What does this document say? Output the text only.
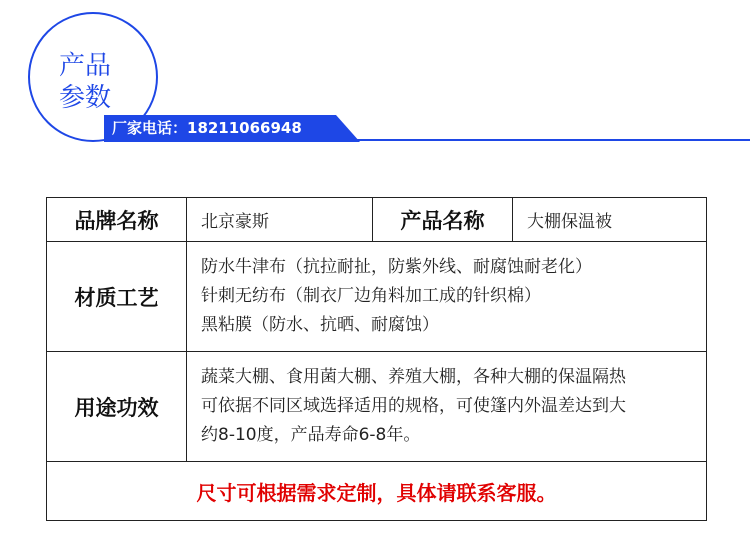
产品
参数
厂家电话：18211066948
品牌名称	北京豪斯	产品名称	大棚保温被
材质工艺	防水牛津布（抗拉耐扯，防紫外线、耐腐蚀耐老化）
针刺无纺布（制衣厂边角料加工成的针织棉）
黑粘膜（防水、抗晒、耐腐蚀）		

用途功效	蔬菜大棚、食用菌大棚、养殖大棚，各种大棚的保温隔热
可依据不同区域选择适用的规格，可使篷内外温差达到大
约8-10度，产品寿命6-8年。		

尺寸可根据需求定制，具体请联系客服。			
